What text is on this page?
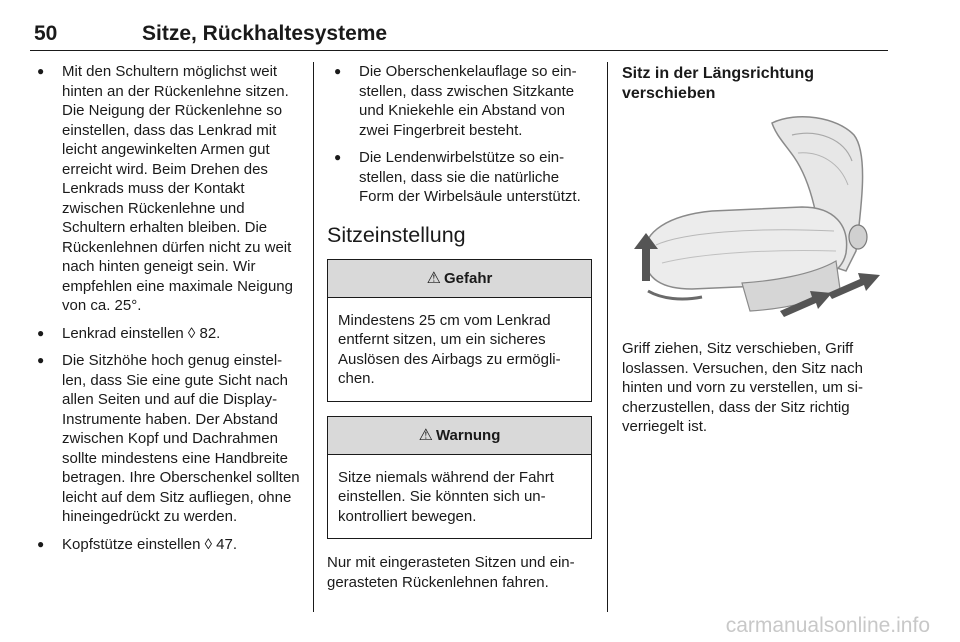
50	Sitze, Rückhaltesysteme
● Mit den Schultern möglichst weit hinten an der Rückenlehne sitzen. Die Neigung der Rückenlehne so einstellen, dass das Lenkrad mit leicht angewinkelten Armen gut erreicht wird. Beim Drehen des Lenkrads muss der Kontakt zwischen Rückenlehne und Schultern erhalten bleiben. Die Rückenlehnen dürfen nicht zu weit nach hinten geneigt sein. Wir empfehlen eine maximale Neigung von ca. 25°.
● Lenkrad einstellen ◊ 82.
● Die Sitzhöhe hoch genug einstellen, dass Sie eine gute Sicht nach allen Seiten und auf die Display-Instrumente haben. Der Abstand zwischen Kopf und Dachrahmen sollte mindestens eine Handbreite betragen. Ihre Oberschenkel sollten leicht auf dem Sitz aufliegen, ohne hineingedrückt zu werden.
● Kopfstütze einstellen ◊ 47.
● Die Oberschenkelauflage so einstellen, dass zwischen Sitzkante und Kniekehle ein Abstand von zwei Fingerbreit besteht.
● Die Lendenwirbelstütze so einstellen, dass sie die natürliche Form der Wirbelsäule unterstützt.
Sitzeinstellung
⚠ Gefahr
Mindestens 25 cm vom Lenkrad entfernt sitzen, um ein sicheres Auslösen des Airbags zu ermöglichen.
⚠ Warnung
Sitze niemals während der Fahrt einstellen. Sie könnten sich unkontrolliert bewegen.

Nur mit eingerasteten Sitzen und eingerasteten Rückenlehnen fahren.

Sitz in der Längsrichtung verschieben

Griff ziehen, Sitz verschieben, Griff loslassen. Versuchen, den Sitz nach hinten und vorn zu verstellen, um sicherzustellen, dass der Sitz richtig verriegelt ist.

carmanualsonline.info
